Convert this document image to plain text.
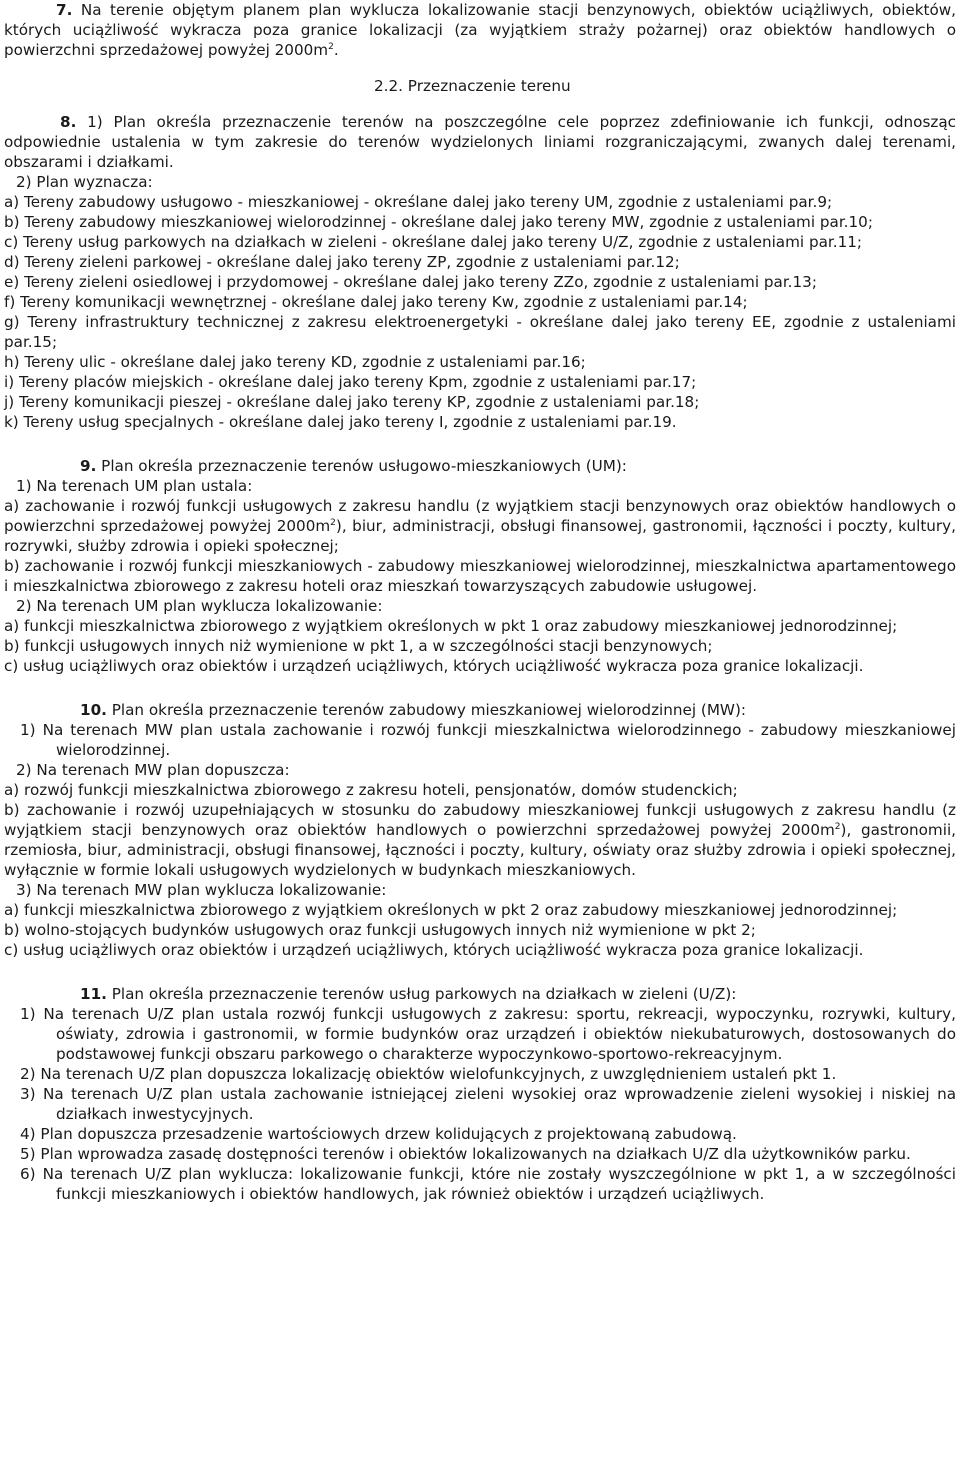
7. Na terenie objętym planem plan wyklucza lokalizowanie stacji benzynowych, obiektów uciążliwych, obiektów, których uciążliwość wykracza poza granice lokalizacji (za wyjątkiem straży pożarnej) oraz obiektów handlowych o powierzchni sprzedażowej powyżej $2000m^2$.

2.2. Przeznaczenie terenu

8. 1) Plan określa przeznaczenie terenów na poszczególne cele poprzez zdefiniowanie ich funkcji, odnosząc odpowiednie ustalenia w tym zakresie do terenów wydzielonych liniami rozgraniczającymi, zwanych dalej terenami, obszarami i działkami.

2) Plan wyznacza:

a) Tereny zabudowy usługowo - mieszkaniowej - określane dalej jako tereny UM, zgodnie z ustaleniami par.9;

b) Tereny zabudowy mieszkaniowej wielorodzinnej - określane dalej jako tereny MW, zgodnie z ustaleniami par.10;

c) Tereny usług parkowych na działkach w zieleni - określane dalej jako tereny U/Z, zgodnie z ustaleniami par.11;

d) Tereny zieleni parkowej - określane dalej jako tereny ZP, zgodnie z ustaleniami par.12;

e) Tereny zieleni osiedlowej i przydomowej - określane dalej jako tereny ZZo, zgodnie z ustaleniami par.13;

f) Tereny komunikacji wewnętrznej - określane dalej jako tereny Kw, zgodnie z ustaleniami par.14;

g) Tereny infrastruktury technicznej z zakresu elektroenergetyki - określane dalej jako tereny EE, zgodnie z ustaleniami par.15;

h) Tereny ulic - określane dalej jako tereny KD, zgodnie z ustaleniami par.16;

i) Tereny placów miejskich - określane dalej jako tereny Kpm, zgodnie z ustaleniami par.17;

j) Tereny komunikacji pieszej - określane dalej jako tereny KP, zgodnie z ustaleniami par.18;

k) Tereny usług specjalnych - określane dalej jako tereny I, zgodnie z ustaleniami par.19.

9. Plan określa przeznaczenie terenów usługowo-mieszkaniowych (UM):

1) Na terenach UM plan ustala:

a) zachowanie i rozwój funkcji usługowych z zakresu handlu (z wyjątkiem stacji benzynowych oraz obiektów handlowych o powierzchni sprzedażowej powyżej $2000m^2$), biur, administracji, obsługi finansowej, gastronomii, łączności i poczty, kultury, rozrywki, służby zdrowia i opieki społecznej;

b) zachowanie i rozwój funkcji mieszkaniowych - zabudowy mieszkaniowej wielorodzinnej, mieszkalnictwa apartamentowego i mieszkalnictwa zbiorowego z zakresu hoteli oraz mieszkań towarzyszących zabudowie usługowej.

2) Na terenach UM plan wyklucza lokalizowanie:

a) funkcji mieszkalnictwa zbiorowego z wyjątkiem określonych w pkt 1 oraz zabudowy mieszkaniowej jednorodzinnej;

b) funkcji usługowych innych niż wymienione w pkt 1, a w szczególności stacji benzynowych;

c) usług uciążliwych oraz obiektów i urządzeń uciążliwych, których uciążliwość wykracza poza granice lokalizacji.

10. Plan określa przeznaczenie terenów zabudowy mieszkaniowej wielorodzinnej (MW):

1) Na terenach MW plan ustala zachowanie i rozwój funkcji mieszkalnictwa wielorodzinnego - zabudowy mieszkaniowej wielorodzinnej.

2) Na terenach MW plan dopuszcza:

a) rozwój funkcji mieszkalnictwa zbiorowego z zakresu hoteli, pensjonatów, domów studenckich;

b) zachowanie i rozwój uzupełniających w stosunku do zabudowy mieszkaniowej funkcji usługowych z zakresu handlu (z wyjątkiem stacji benzynowych oraz obiektów handlowych o powierzchni sprzedażowej powyżej $2000m^2$), gastronomii, rzemiosła, biur, administracji, obsługi finansowej, łączności i poczty, kultury, oświaty oraz służby zdrowia i opieki społecznej, wyłącznie w formie lokali usługowych wydzielonych w budynkach mieszkaniowych.

3) Na terenach MW plan wyklucza lokalizowanie:

a) funkcji mieszkalnictwa zbiorowego z wyjątkiem określonych w pkt 2 oraz zabudowy mieszkaniowej jednorodzinnej;

b) wolno-stojących budynków usługowych oraz funkcji usługowych innych niż wymienione w pkt 2;

c) usług uciążliwych oraz obiektów i urządzeń uciążliwych, których uciążliwość wykracza poza granice lokalizacji.

11. Plan określa przeznaczenie terenów usług parkowych na działkach w zieleni (U/Z):

1) Na terenach U/Z plan ustala rozwój funkcji usługowych z zakresu: sportu, rekreacji, wypoczynku, rozrywki, kultury, oświaty, zdrowia i gastronomii, w formie budynków oraz urządzeń i obiektów niekubaturowych, dostosowanych do podstawowej funkcji obszaru parkowego o charakterze wypoczynkowo-sportowo-rekreacyjnym.

2) Na terenach U/Z plan dopuszcza lokalizację obiektów wielofunkcyjnych, z uwzględnieniem ustaleń pkt 1.

3) Na terenach U/Z plan ustala zachowanie istniejącej zieleni wysokiej oraz wprowadzenie zieleni wysokiej i niskiej na działkach inwestycyjnych.

4) Plan dopuszcza przesadzenie wartościowych drzew kolidujących z projektowaną zabudową.

5) Plan wprowadza zasadę dostępności terenów i obiektów lokalizowanych na działkach U/Z dla użytkowników parku.

6) Na terenach U/Z plan wyklucza: lokalizowanie funkcji, które nie zostały wyszczególnione w pkt 1, a w szczególności funkcji mieszkaniowych i obiektów handlowych, jak również obiektów i urządzeń uciążliwych.
